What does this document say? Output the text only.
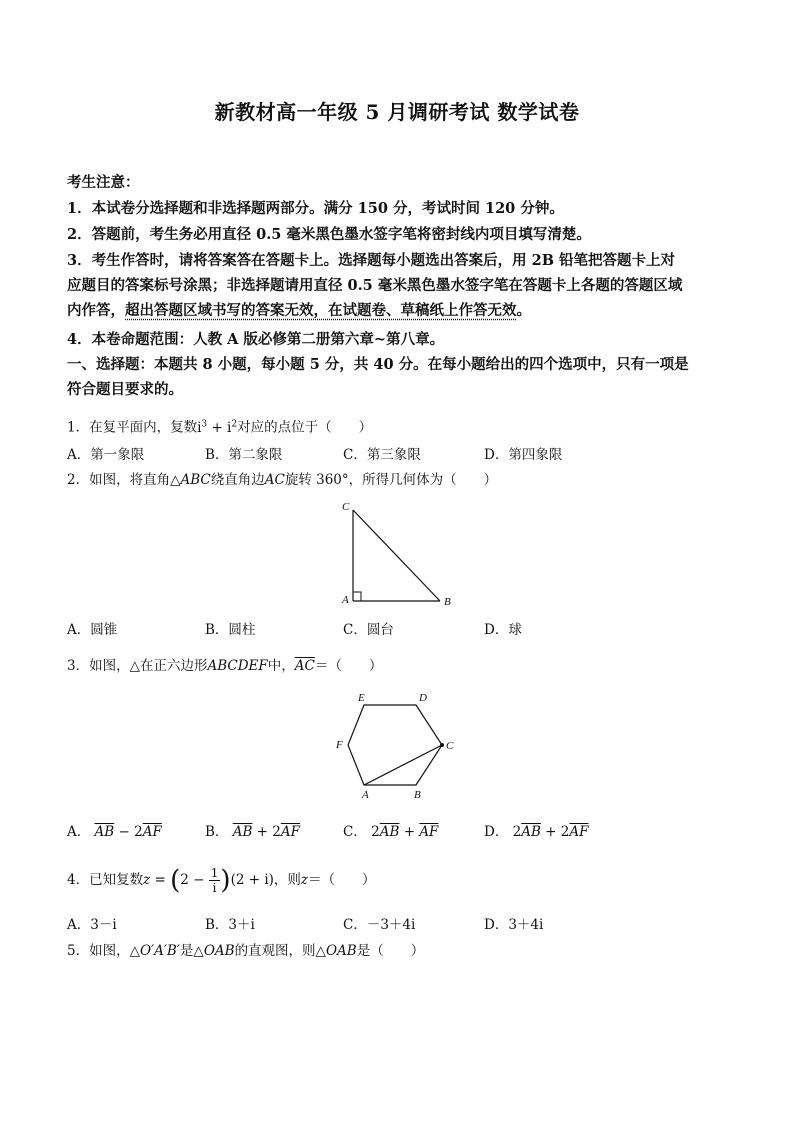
新教材高一年级 5 月调研考试 数学试卷
考生注意：
1．本试卷分选择题和非选择题两部分。满分 150 分，考试时间 120 分钟。
2．答题前，考生务必用直径 0.5 毫米黑色墨水签字笔将密封线内项目填写清楚。
3．考生作答时，请将答案答在答题卡上。选择题每小题选出答案后，用 2B 铅笔把答题卡上对
应题目的答案标号涂黑；非选择题请用直径 0.5 毫米黑色墨水签字笔在答题卡上各题的答题区域
内作答，超出答题区域书写的答案无效，在试题卷、草稿纸上作答无效。
4．本卷命题范围：人教 A 版必修第二册第六章~第八章。
一、选择题：本题共 8 小题，每小题 5 分，共 40 分。在每小题给出的四个选项中，只有一项是
符合题目要求的。
1．在复平面内，复数$i^3 + i^2$对应的点位于（　　）
A．第一象限	B．第二象限	C．第三象限	D．第四象限
2．如图，将直角△ABC绕直角边AC旋转 360°，所得几何体为（　　）
C
A	B
A．圆锥	B．圆柱	C．圆台	D．球
3．如图，△在正六边形ABCDEF中，$\overline{AC}=$（　　）
E	D
F	C
A	B
A． $\overline{AB} - 2\overline{AF}$	B． $\overline{AB} + 2\overline{AF}$	C． $2\overline{AB} + \overline{AF}$	D． $2\overline{AB} + 2\overline{AF}$
4．已知复数$z = (2 - \frac{1}{i} )(2 + i)$，则z＝（　　）
A．3－i	B．3＋i	C．－3＋4i	D．3＋4i
5．如图，△O′A′B′是△OAB的直观图，则△OAB是（　　）
